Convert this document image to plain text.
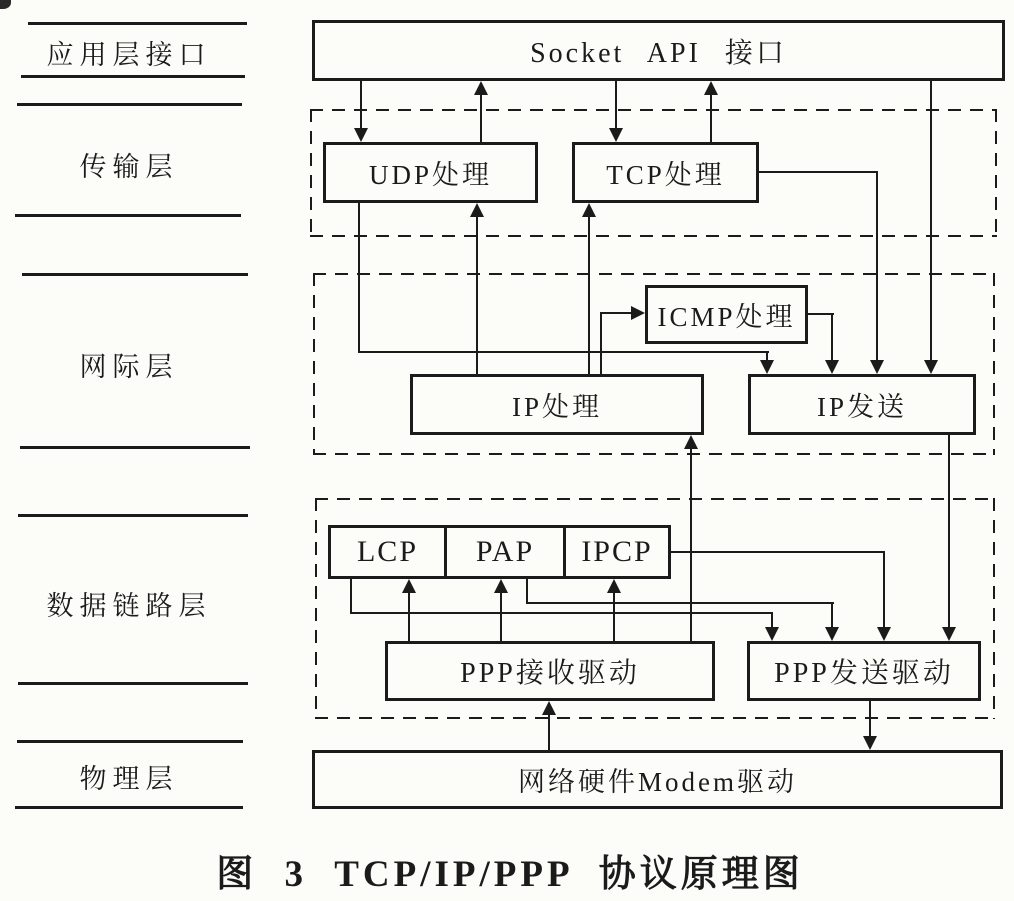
应用层接口
传输层
网际层
数据链路层
物理层
Socket API 接口
UDP处理	TCP处理
ICMP处理
IP处理	IP发送
LCP PAP IPCP
PPP接收驱动	PPP发送驱动
网络硬件Modem驱动
图 3 TCP/IP/PPP 协议原理图
